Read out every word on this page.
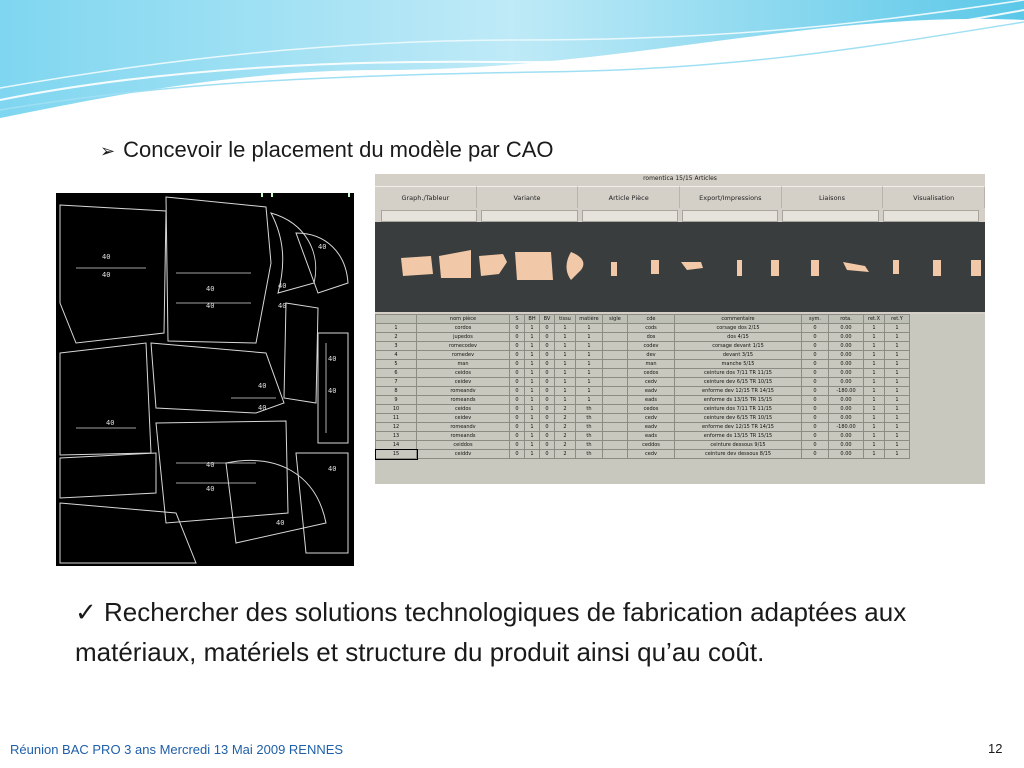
➢ Concevoir le placement du modèle par CAO
40
40
40
40
40
40
40
40
40
40
40
40
40
40
40
40
romentica 15/15 Articles
Graph./Tableur	Variante	Article Pièce	Export/Impressions	Liaisons	Visualisation
	nom pièce	S	BH	BV	tissu	matière	sigle	cde	commentaire	sym.	rota.	ret.X	ret.Y
1	cordos	0	1	0	1	1		cods	corsage dos 2/15	0	0.00	1	1
2	jupedos	0	1	0	1	1		dos	dos 4/15	0	0.00	1	1
3	romecodev	0	1	0	1	1		codev	corsage devant 1/15	0	0.00	1	1
4	romedev	0	1	0	1	1		dev	devant 3/15	0	0.00	1	1
5	man	0	1	0	1	1		man	manche 5/15	0	0.00	1	1
6	ceidos	0	1	0	1	1		cedos	ceinture dos 7/11 TR 11/15	0	0.00	1	1
7	ceidev	0	1	0	1	1		cedv	ceinture dev 6/15 TR 10/15	0	0.00	1	1
8	romeandv	0	1	0	1	1		eadv	enforme dev 12/15 TR 14/15	0	-180.00	1	1
9	romeands	0	1	0	1	1		eads	enforme ds 13/15 TR 15/15	0	0.00	1	1
10	ceidos	0	1	0	2	th		cedos	ceinture dos 7/11 TR 11/15	0	0.00	1	1
11	ceidev	0	1	0	2	th		cedv	ceinture dev 6/15 TR 10/15	0	0.00	1	1
12	romeandv	0	1	0	2	th		eadv	enforme dev 12/15 TR 14/15	0	-180.00	1	1
13	romeands	0	1	0	2	th		eads	enforme ds 13/15 TR 15/15	0	0.00	1	1
14	ceiddos	0	1	0	2	th		ceddos	ceinture dessous 9/15	0	0.00	1	1
15	ceiddv	0	1	0	2	th		cedv	ceinture dev dessous 8/15	0	0.00	1	1
✓ Rechercher des solutions technologiques de fabrication adaptées aux matériaux, matériels et structure du produit ainsi qu’au coût.
Réunion BAC PRO 3 ans Mercredi 13 Mai 2009 RENNES	12
